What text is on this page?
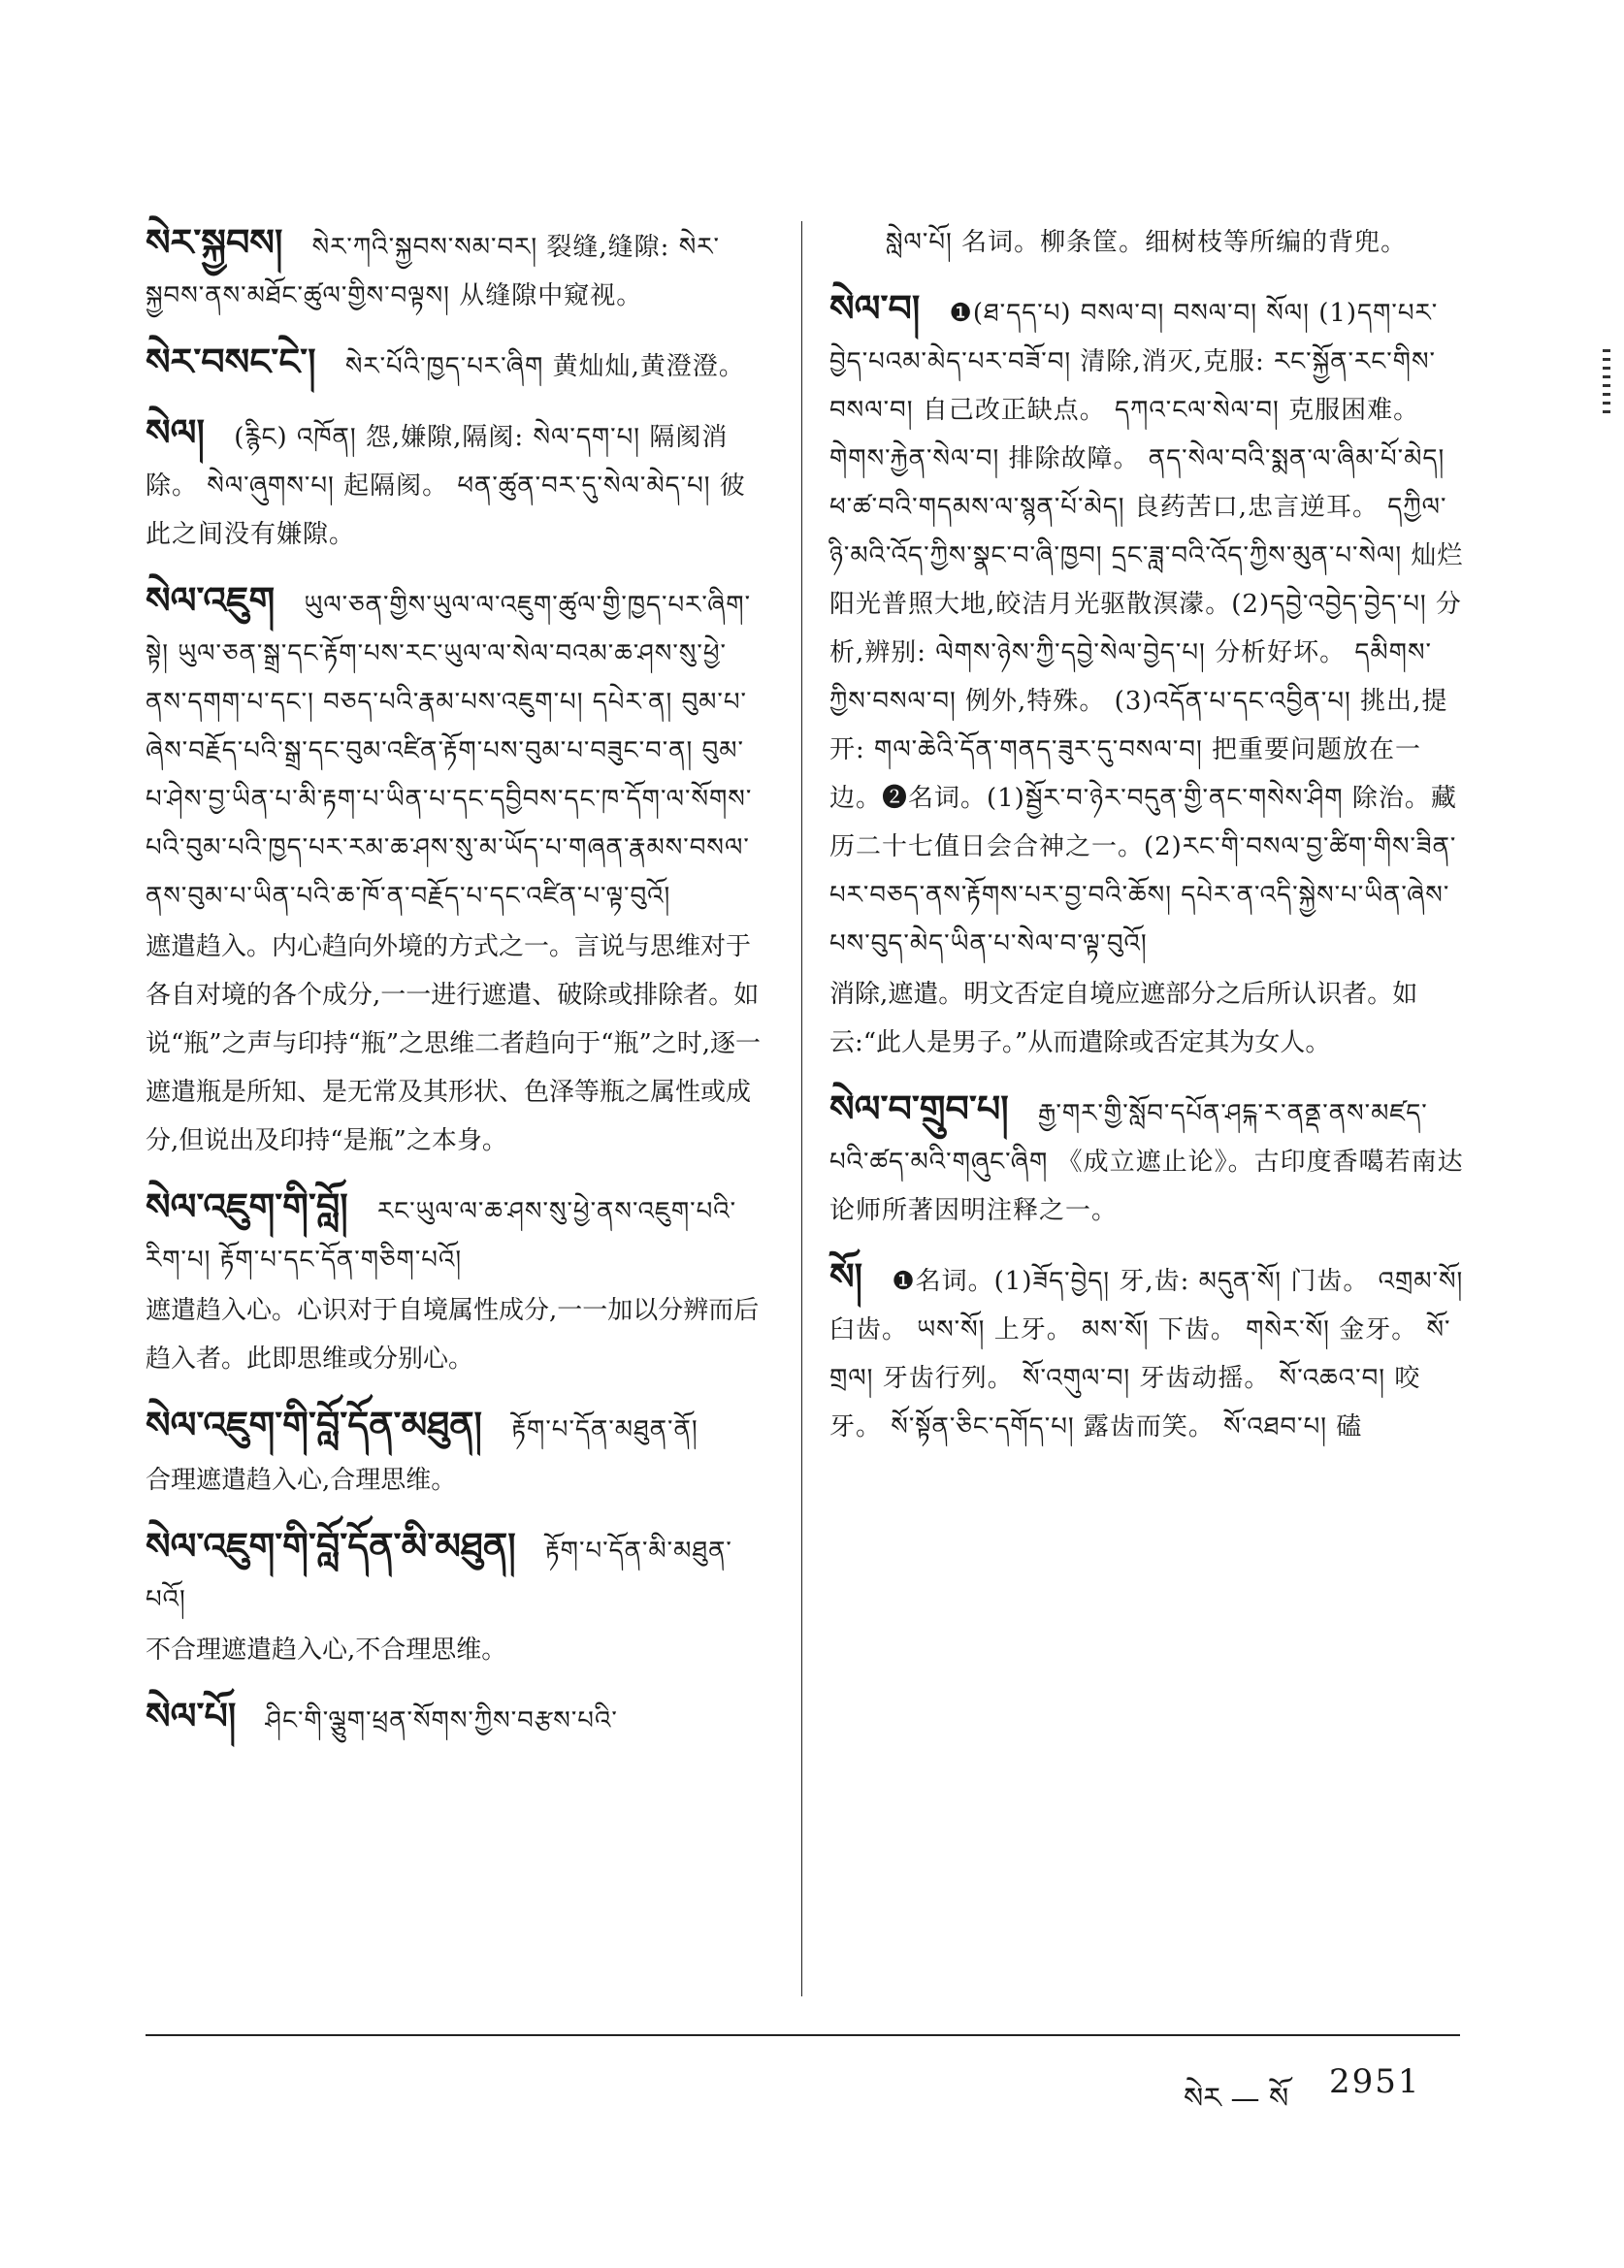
སེར་སྐྱབས། སེར་ཀའི་སྐྱབས་སམ་བར། 裂缝,缝隙: སེར་སྐྱབས་ནས་མཐོང་ཚུལ་གྱིས་བལྟས། 从缝隙中窥视。
སེར་བསང་ངེ་། སེར་པོའི་ཁྱད་པར་ཞིག 黄灿灿,黄澄澄。
སེལ། (རྙིང) འཁོན། 怨,嫌隙,隔阂: སེལ་དག་པ། 隔阂消除。 སེལ་ཞུགས་པ། 起隔阂。 ཕན་ཚུན་བར་དུ་སེལ་མེད་པ། 彼此之间没有嫌隙。
སེལ་འཇུག ཡུལ་ཅན་གྱིས་ཡུལ་ལ་འཇུག་ཚུལ་གྱི་ཁྱད་པར་ཞིག་སྟེ། ཡུལ་ཅན་སྒྲ་དང་རྟོག་པས་རང་ཡུལ་ལ་སེལ་བའམ་ཆ་ཤས་སུ་ཕྱེ་ནས་དགག་པ་དང་། བཅད་པའི་རྣམ་པས་འཇུག་པ། དཔེར་ན། བུམ་པ་ཞེས་བརྗོད་པའི་སྒྲ་དང་བུམ་འཛིན་རྟོག་པས་བུམ་པ་བཟུང་བ་ན། བུམ་པ་ཤེས་བྱ་ཡིན་པ་མི་རྟག་པ་ཡིན་པ་དང་དབྱིབས་དང་ཁ་དོག་ལ་སོགས་པའི་བུམ་པའི་ཁྱད་པར་རམ་ཆ་ཤས་སུ་མ་ཡོད་པ་གཞན་རྣམས་བསལ་ནས་བུམ་པ་ཡིན་པའི་ཆ་ཁོ་ན་བརྗོད་པ་དང་འཛིན་པ་ལྟ་བུའོ།
遮遣趋入。内心趋向外境的方式之一。言说与思维对于各自对境的各个成分,一一进行遮遣、破除或排除者。如说“瓶”之声与印持“瓶”之思维二者趋向于“瓶”之时,逐一遮遣瓶是所知、是无常及其形状、色泽等瓶之属性或成分,但说出及印持“是瓶”之本身。
སེལ་འཇུག་གི་བློ། རང་ཡུལ་ལ་ཆ་ཤས་སུ་ཕྱེ་ནས་འཇུག་པའི་རིག་པ། རྟོག་པ་དང་དོན་གཅིག་པའོ།
遮遣趋入心。心识对于自境属性成分,一一加以分辨而后趋入者。此即思维或分别心。
སེལ་འཇུག་གི་བློ་དོན་མཐུན། རྟོག་པ་དོན་མཐུན་ནོ།
合理遮遣趋入心,合理思维。
སེལ་འཇུག་གི་བློ་དོན་མི་མཐུན། རྟོག་པ་དོན་མི་མཐུན་པའོ།
不合理遮遣趋入心,不合理思维。
སེལ་པོ། ཤིང་གི་ལྕུག་ཕྲན་སོགས་ཀྱིས་བརྩས་པའི་
སླེལ་པོ། 名词。柳条筐。细树枝等所编的背兜。
སེལ་བ། ❶(ཐ་དད་པ) བསལ་བ། བསལ་བ། སོལ། (1)དག་པར་བྱེད་པའམ་མེད་པར་བཟོ་བ། 清除,消灭,克服: རང་སྐྱོན་རང་གིས་བསལ་བ། 自己改正缺点。 དཀའ་ངལ་སེལ་བ། 克服困难。 གེགས་རྐྱེན་སེལ་བ། 排除故障。 ནད་སེལ་བའི་སྨན་ལ་ཞིམ་པོ་མེད། ཕ་ཚ་བའི་གདམས་ལ་སྙན་པོ་མེད། 良药苦口,忠言逆耳。 དཀྱིལ་ཉི་མའི་འོད་ཀྱིས་སྣང་བ་ཞི་ཁྱབ། དྲང་ཟླ་བའི་འོད་ཀྱིས་མུན་པ་སེལ། 灿烂阳光普照大地,皎洁月光驱散溟濛。(2)དབྱེ་འབྱེད་བྱེད་པ། 分析,辨别: ལེགས་ཉེས་ཀྱི་དབྱེ་སེལ་བྱེད་པ། 分析好坏。 དམིགས་ཀྱིས་བསལ་བ། 例外,特殊。 (3)འདོན་པ་དང་འབྱིན་པ། 挑出,提开: གལ་ཆེའི་དོན་གནད་ཟུར་དུ་བསལ་བ། 把重要问题放在一边。❷名词。(1)སྦྱོར་བ་ཉེར་བདུན་གྱི་ནང་གསེས་ཤིག 除治。藏历二十七值日会合神之一。(2)རང་གི་བསལ་བྱ་ཚིག་གིས་ཟིན་པར་བཅད་ནས་རྟོགས་པར་བྱ་བའི་ཆོས། དཔེར་ན་འདི་སྐྱེས་པ་ཡིན་ཞེས་པས་བུད་མེད་ཡིན་པ་སེལ་བ་ལྟ་བུའོ།
消除,遮遣。明文否定自境应遮部分之后所认识者。如云:“此人是男子。”从而遣除或否定其为女人。
སེལ་བ་གྲུབ་པ། རྒྱ་གར་གྱི་སློབ་དཔོན་ཤངྐ་ར་ནནྡ་ནས་མཛད་པའི་ཚད་མའི་གཞུང་ཞིག 《成立遮止论》。古印度香噶若南达论师所著因明注释之一。
སོ། ❶名词。(1)ཟོད་བྱེད། 牙,齿: མདུན་སོ། 门齿。 འགྲམ་སོ། 臼齿。 ཡས་སོ། 上牙。 མས་སོ། 下齿。 གསེར་སོ། 金牙。 སོ་གྲལ། 牙齿行列。 སོ་འགུལ་བ། 牙齿动摇。 སོ་འཆའ་བ། 咬牙。 སོ་སྟོན་ཅིང་དགོད་པ། 露齿而笑。 སོ་འཐབ་པ། 磕
སེར — སོ 2951
